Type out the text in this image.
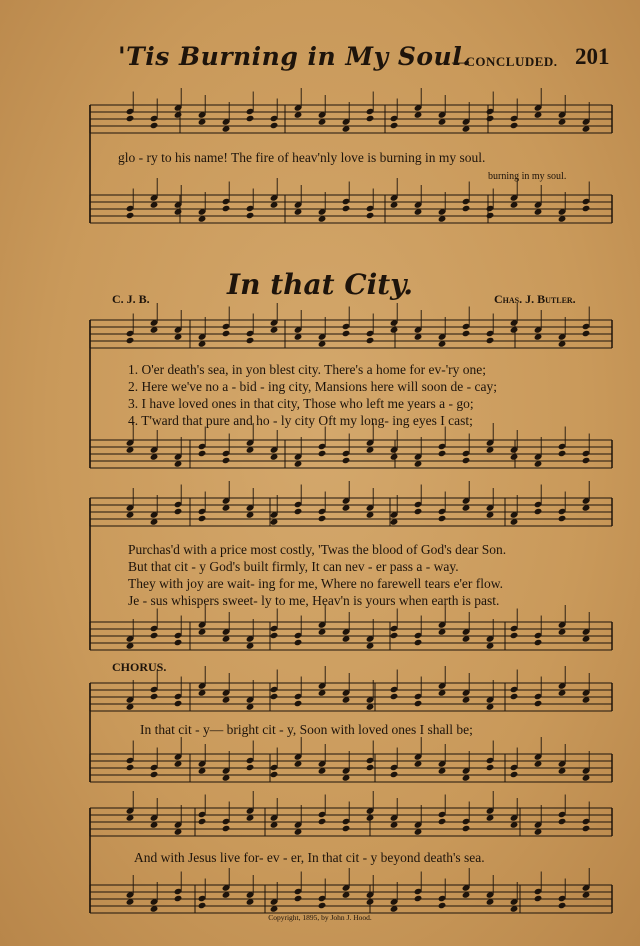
'Tis Burning in My Soul.
—CONCLUDED. 201
glo - ry to his name! The fire of heav'nly love is burning in my soul.
burning in my soul.
In that City.
C. J. B.	Chas. J. Butler.
1. O'er death's sea, in yon blest city. There's a home for ev-'ry one;
2. Here we've no a - bid - ing city, Mansions here will soon de - cay;
3. I have loved ones in that city, Those who left me years a - go;
4. T'ward that pure and ho - ly city Oft my long- ing eyes I cast;
Purchas'd with a price most costly, 'Twas the blood of God's dear Son.
But that cit - y God's built firmly, It can nev - er pass a - way.
They with joy are wait- ing for me, Where no farewell tears e'er flow.
Je - sus whispers sweet- ly to me, Heav'n is yours when earth is past.
CHORUS.
In that cit - y— bright cit - y, Soon with loved ones I shall be;
And with Jesus live for- ev - er, In that cit - y beyond death's sea.
Copyright, 1895, by John J. Hood.
